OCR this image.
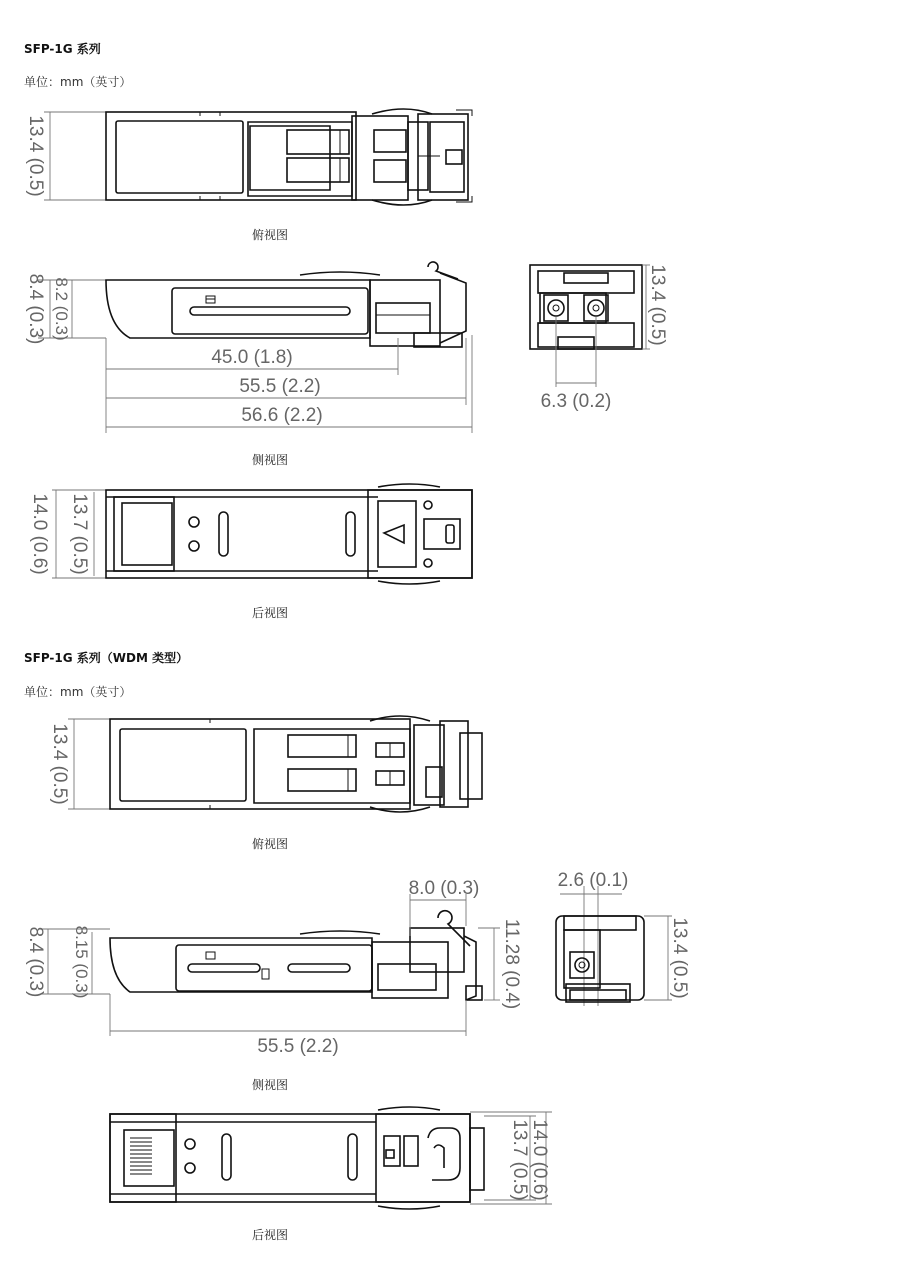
SFP-1G 系列
单位：mm（英寸）
13.4 (0.5)
俯视图
8.4 (0.3) 8.2 (0.3)
45.0 (1.8)
55.5 (2.2)
56.6 (2.2)
13.4 (0.5)
6.3 (0.2)
侧视图
14.0 (0.6) 13.7 (0.5)
后视图
SFP-1G 系列（WDM 类型）
单位：mm（英寸）
13.4 (0.5)
俯视图
8.4 (0.3) 8.15 (0.3)
8.0 (0.3)
11.28 (0.4)
55.5 (2.2)
2.6 (0.1)
13.4 (0.5)
侧视图
13.7 (0.5) 14.0 (0.6)
后视图
